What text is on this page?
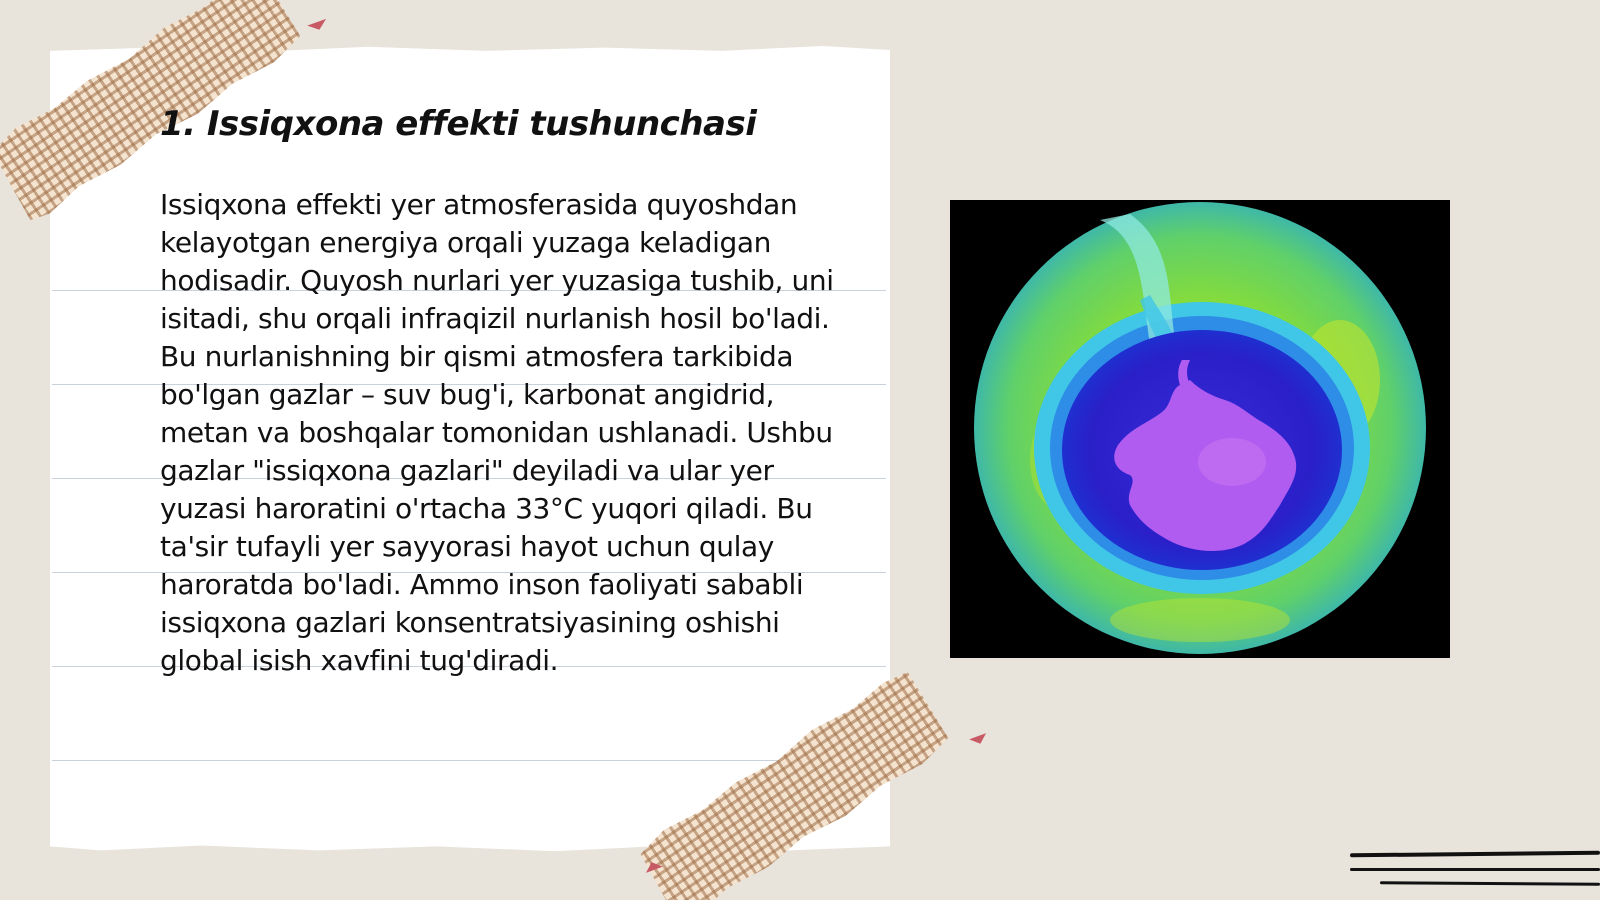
1. Issiqxona effekti tushunchasi

Issiqxona effekti yer atmosferasida quyoshdan kelayotgan energiya orqali yuzaga keladigan hodisadir. Quyosh nurlari yer yuzasiga tushib, uni isitadi, shu orqali infraqizil nurlanish hosil bo'ladi. Bu nurlanishning bir qismi atmosfera tarkibida bo'lgan gazlar – suv bug'i, karbonat angidrid, metan va boshqalar tomonidan ushlanadi. Ushbu gazlar "issiqxona gazlari" deyiladi va ular yer yuzasi haroratini o'rtacha 33°C yuqori qiladi. Bu ta'sir tufayli yer sayyorasi hayot uchun qulay haroratda bo'ladi. Ammo inson faoliyati sababli issiqxona gazlari konsentratsiyasining oshishi global isish xavfini tug'diradi.
